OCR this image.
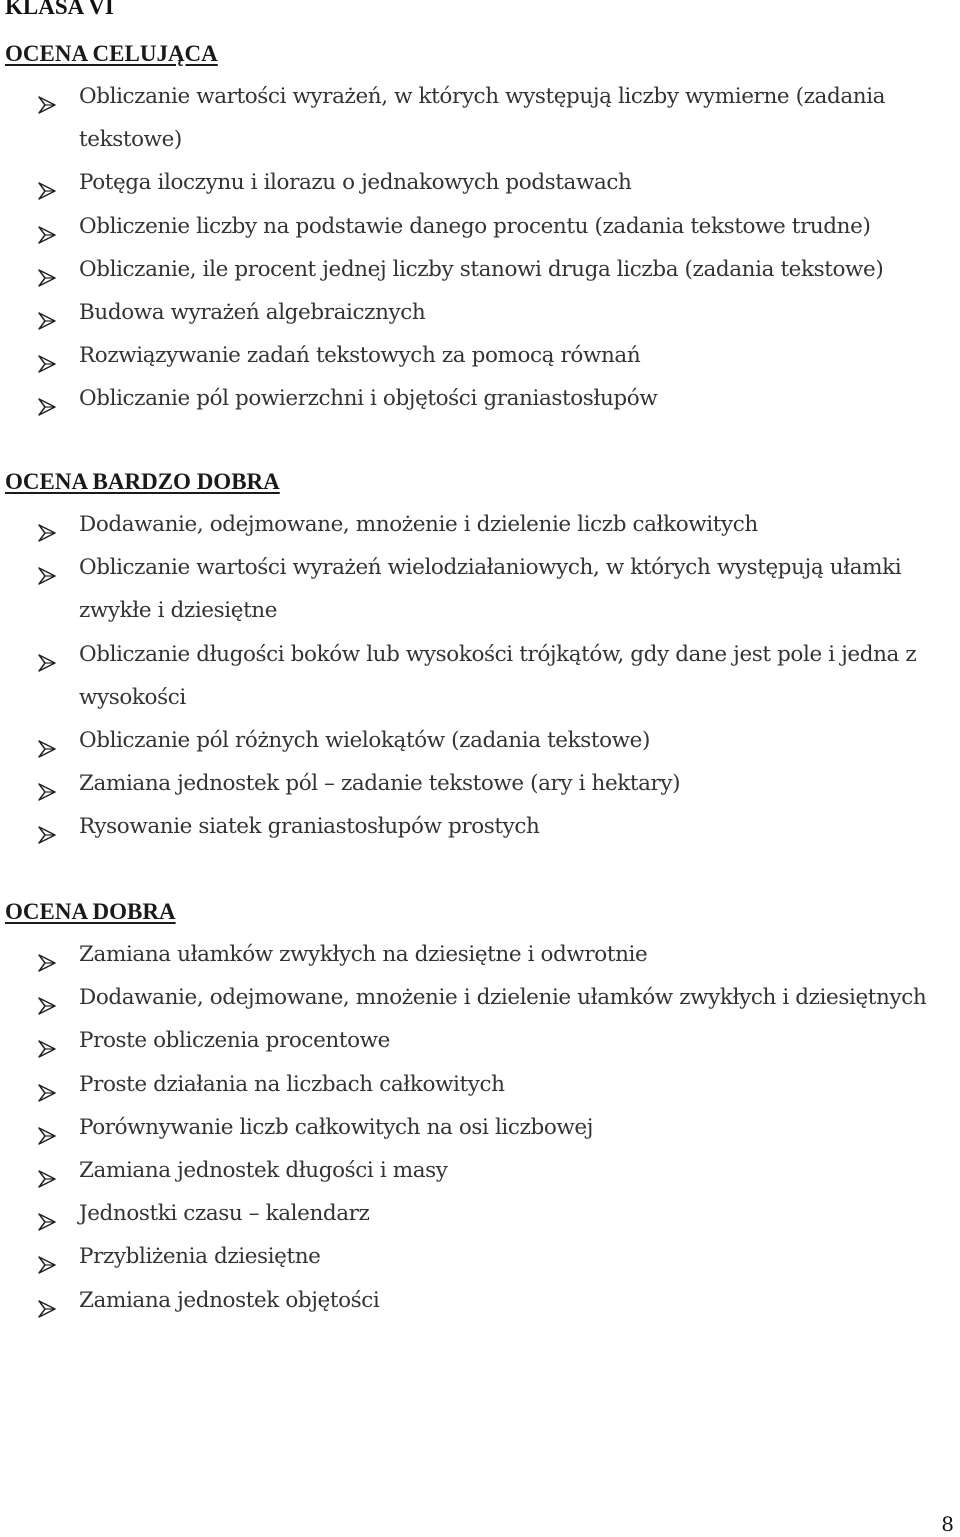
KLASA VI
OCENA CELUJĄCA
Obliczanie wartości wyrażeń, w których występują liczby wymierne (zadania tekstowe)
Potęga iloczynu i ilorazu o jednakowych podstawach
Obliczenie liczby na podstawie danego procentu (zadania tekstowe trudne)
Obliczanie, ile procent jednej liczby stanowi druga liczba (zadania tekstowe)
Budowa wyrażeń algebraicznych
Rozwiązywanie zadań tekstowych za pomocą równań
Obliczanie pól powierzchni i objętości graniastosłupów
OCENA BARDZO DOBRA
Dodawanie, odejmowane, mnożenie i dzielenie liczb całkowitych
Obliczanie wartości wyrażeń wielodziałaniowych, w których występują ułamki zwykłe i dziesiętne
Obliczanie długości boków lub wysokości trójkątów, gdy dane jest pole i jedna z wysokości
Obliczanie pól różnych wielokątów (zadania tekstowe)
Zamiana jednostek pól – zadanie tekstowe (ary i hektary)
Rysowanie siatek graniastosłupów prostych
OCENA DOBRA
Zamiana ułamków zwykłych na dziesiętne i odwrotnie
Dodawanie, odejmowane, mnożenie i dzielenie ułamków zwykłych i dziesiętnych
Proste obliczenia procentowe
Proste działania na liczbach całkowitych
Porównywanie liczb całkowitych na osi liczbowej
Zamiana jednostek długości i masy
Jednostki czasu – kalendarz
Przybliżenia dziesiętne
Zamiana jednostek objętości
8
